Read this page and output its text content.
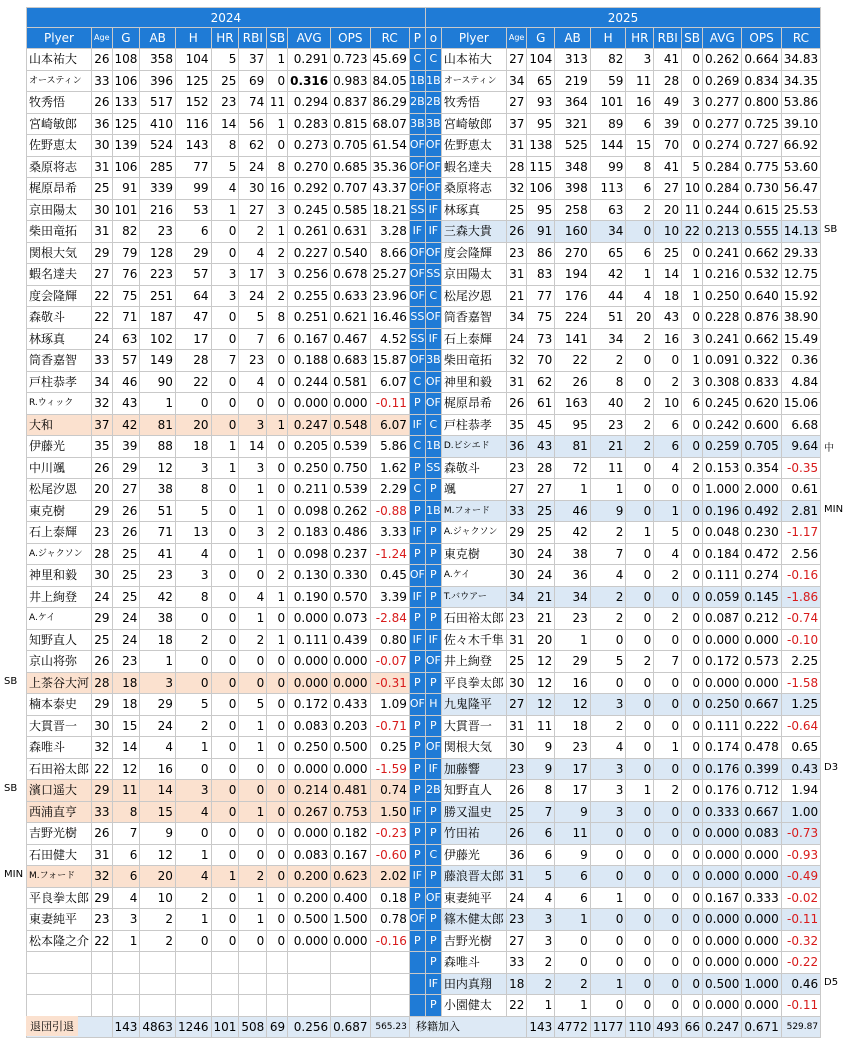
2024												2025											
Plyer	Age	G	AB	H	HR	RBI	SB	AVG	OPS	RC	P	o	Plyer	Age	G	AB	H	HR	RBI	SB	AVG	OPS	RC
山本祐大	26	108	358	104	5	37	1	0.291	0.723	45.69	C	C	山本祐大	27	104	313	82	3	41	0	0.262	0.664	34.83
オースティン	33	106	396	125	25	69	0	0.316	0.983	84.05	1B	1B	オースティン	34	65	219	59	11	28	0	0.269	0.834	34.35
牧秀悟	26	133	517	152	23	74	11	0.294	0.837	86.29	2B	2B	牧秀悟	27	93	364	101	16	49	3	0.277	0.800	53.86
宮崎敏郎	36	125	410	116	14	56	1	0.283	0.815	68.07	3B	3B	宮崎敏郎	37	95	321	89	6	39	0	0.277	0.725	39.10
佐野恵太	30	139	524	143	8	62	0	0.273	0.705	61.54	OF	OF	佐野恵太	31	138	525	144	15	70	0	0.274	0.727	66.92
桑原将志	31	106	285	77	5	24	8	0.270	0.685	35.36	OF	OF	蝦名達夫	28	115	348	99	8	41	5	0.284	0.775	53.60
梶原昂希	25	91	339	99	4	30	16	0.292	0.707	43.37	OF	OF	桑原将志	32	106	398	113	6	27	10	0.284	0.730	56.47
京田陽太	30	101	216	53	1	27	3	0.245	0.585	18.21	SS	IF	林琢真	25	95	258	63	2	20	11	0.244	0.615	25.53
柴田竜拓	31	82	23	6	0	2	1	0.261	0.631	3.28	IF	IF	三森大貴	26	91	160	34	0	10	22	0.213	0.555	14.13
関根大気	29	79	128	29	0	4	2	0.227	0.540	8.66	OF	OF	度会隆輝	23	86	270	65	6	25	0	0.241	0.662	29.33
蝦名達夫	27	76	223	57	3	17	3	0.256	0.678	25.27	OF	SS	京田陽太	31	83	194	42	1	14	1	0.216	0.532	12.75
度会隆輝	22	75	251	64	3	24	2	0.255	0.633	23.96	OF	C	松尾汐恩	21	77	176	44	4	18	1	0.250	0.640	15.92
森敬斗	22	71	187	47	0	5	8	0.251	0.621	16.46	SS	OF	筒香嘉智	34	75	224	51	20	43	0	0.228	0.876	38.90
林琢真	24	63	102	17	0	7	6	0.167	0.467	4.52	SS	IF	石上泰輝	24	73	141	34	2	16	3	0.241	0.662	15.49
筒香嘉智	33	57	149	28	7	23	0	0.188	0.683	15.87	OF	3B	柴田竜拓	32	70	22	2	0	0	1	0.091	0.322	0.36
戸柱恭孝	34	46	90	22	0	4	0	0.244	0.581	6.07	C	OF	神里和毅	31	62	26	8	0	2	3	0.308	0.833	4.84
R.ウィック	32	43	1	0	0	0	0	0.000	0.000	-0.11	P	OF	梶原昂希	26	61	163	40	2	10	6	0.245	0.620	15.06
大和	37	42	81	20	0	3	1	0.247	0.548	6.07	IF	C	戸柱恭孝	35	45	95	23	2	6	0	0.242	0.600	6.68
伊藤光	35	39	88	18	1	14	0	0.205	0.539	5.86	C	1B	D.ビシエド	36	43	81	21	2	6	0	0.259	0.705	9.64
中川颯	26	29	12	3	1	3	0	0.250	0.750	1.62	P	SS	森敬斗	23	28	72	11	0	4	2	0.153	0.354	-0.35
松尾汐恩	20	27	38	8	0	1	0	0.211	0.539	2.29	C	P	颯	27	27	1	1	0	0	0	1.000	2.000	0.61
東克樹	29	26	51	5	0	1	0	0.098	0.262	-0.88	P	1B	M.フォード	33	25	46	9	0	1	0	0.196	0.492	2.81
石上泰輝	23	26	71	13	0	3	2	0.183	0.486	3.33	IF	P	A.ジャクソン	29	25	42	2	1	5	0	0.048	0.230	-1.17
A.ジャクソン	28	25	41	4	0	1	0	0.098	0.237	-1.24	P	P	東克樹	30	24	38	7	0	4	0	0.184	0.472	2.56
神里和毅	30	25	23	3	0	0	2	0.130	0.330	0.45	OF	P	A.ケイ	30	24	36	4	0	2	0	0.111	0.274	-0.16
井上絢登	24	25	42	8	0	4	1	0.190	0.570	3.39	IF	P	T.バウアー	34	21	34	2	0	0	0	0.059	0.145	-1.86
A.ケイ	29	24	38	0	0	1	0	0.000	0.073	-2.84	P	P	石田裕太郎	23	21	23	2	0	2	0	0.087	0.212	-0.74
知野直人	25	24	18	2	0	2	1	0.111	0.439	0.80	IF	IF	佐々木千隼	31	20	1	0	0	0	0	0.000	0.000	-0.10
京山将弥	26	23	1	0	0	0	0	0.000	0.000	-0.07	P	OF	井上絢登	25	12	29	5	2	7	0	0.172	0.573	2.25
上茶谷大河	28	18	3	0	0	0	0	0.000	0.000	-0.31	P	P	平良拳太郎	30	12	16	0	0	0	0	0.000	0.000	-1.58
楠本泰史	29	18	29	5	0	5	0	0.172	0.433	1.09	OF	H	九鬼隆平	27	12	12	3	0	0	0	0.250	0.667	1.25
大貫晋一	30	15	24	2	0	1	0	0.083	0.203	-0.71	P	P	大貫晋一	31	11	18	2	0	0	0	0.111	0.222	-0.64
森唯斗	32	14	4	1	0	1	0	0.250	0.500	0.25	P	OF	関根大気	30	9	23	4	0	1	0	0.174	0.478	0.65
石田裕太郎	22	12	16	0	0	0	0	0.000	0.000	-1.59	P	IF	加藤響	23	9	17	3	0	0	0	0.176	0.399	0.43
濱口遥大	29	11	14	3	0	0	0	0.214	0.481	0.74	P	2B	知野直人	26	8	17	3	1	2	0	0.176	0.712	1.94
西浦直亨	33	8	15	4	0	1	0	0.267	0.753	1.50	IF	P	勝又温史	25	7	9	3	0	0	0	0.333	0.667	1.00
吉野光樹	26	7	9	0	0	0	0	0.000	0.182	-0.23	P	P	竹田祐	26	6	11	0	0	0	0	0.000	0.083	-0.73
石田健大	31	6	12	1	0	0	0	0.083	0.167	-0.60	P	C	伊藤光	36	6	9	0	0	0	0	0.000	0.000	-0.93
M.フォード	32	6	20	4	1	2	0	0.200	0.623	2.02	IF	P	藤浪晋太郎	31	5	6	0	0	0	0	0.000	0.000	-0.49
平良拳太郎	29	4	10	2	0	1	0	0.200	0.400	0.18	P	OF	東妻純平	24	4	6	1	0	0	0	0.167	0.333	-0.02
東妻純平	23	3	2	1	0	1	0	0.500	1.500	0.78	OF	P	篠木健太郎	23	3	1	0	0	0	0	0.000	0.000	-0.11
松本隆之介	22	1	2	0	0	0	0	0.000	0.000	-0.16	P	P	吉野光樹	27	3	0	0	0	0	0	0.000	0.000	-0.32
												P	森唯斗	33	2	0	0	0	0	0	0.000	0.000	-0.22
												IF	田内真翔	18	2	2	1	0	0	0	0.500	1.000	0.46
												P	小園健太	22	1	1	0	0	0	0	0.000	0.000	-0.11
		143	4863	1246	101	508	69	0.256	0.687	565.23					143	4772	1177	110	493	66	0.247	0.671	529.87
SB
SB
MIN
SB
中
MIN
D3
D5
退団引退	移籍加入
